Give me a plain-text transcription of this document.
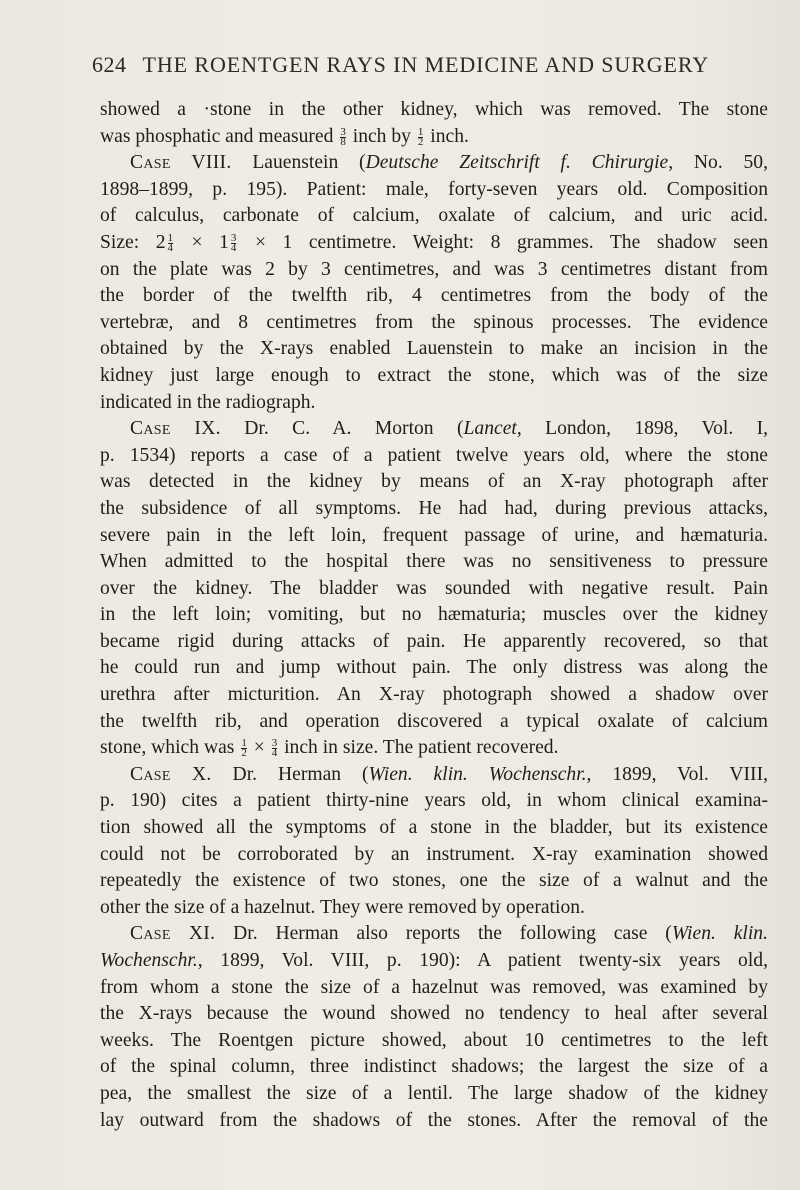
624 THE ROENTGEN RAYS IN MEDICINE AND SURGERY
showed a ·stone in the other kidney, which was removed. The stone
was phosphatic and measured $\frac{3}{8}$ inch by $\frac{1}{2}$ inch.
Case VIII. Lauenstein (Deutsche Zeitschrift f. Chirurgie, No. 50,
1898–1899, p. 195). Patient: male, forty-seven years old. Composition
of calculus, carbonate of calcium, oxalate of calcium, and uric acid.
Size: $2 \frac{1}{4} \times 1 \frac{3}{4} \times 1$ centimetre. Weight: 8 grammes. The shadow seen
on the plate was 2 by 3 centimetres, and was 3 centimetres distant from
the border of the twelfth rib, 4 centimetres from the body of the
vertebræ, and 8 centimetres from the spinous processes. The evidence
obtained by the X-rays enabled Lauenstein to make an incision in the
kidney just large enough to extract the stone, which was of the size
indicated in the radiograph.
Case IX. Dr. C. A. Morton (Lancet, London, 1898, Vol. I,
p. 1534) reports a case of a patient twelve years old, where the stone
was detected in the kidney by means of an X-ray photograph after
the subsidence of all symptoms. He had had, during previous attacks,
severe pain in the left loin, frequent passage of urine, and hæmaturia.
When admitted to the hospital there was no sensitiveness to pressure
over the kidney. The bladder was sounded with negative result. Pain
in the left loin; vomiting, but no hæmaturia; muscles over the kidney
became rigid during attacks of pain. He apparently recovered, so that
he could run and jump without pain. The only distress was along the
urethra after micturition. An X-ray photograph showed a shadow over
the twelfth rib, and operation discovered a typical oxalate of calcium
stone, which was $\frac{1}{2} \times \frac{3}{4}$ inch in size. The patient recovered.
Case X. Dr. Herman (Wien. klin. Wochenschr., 1899, Vol. VIII,
p. 190) cites a patient thirty-nine years old, in whom clinical examina-
tion showed all the symptoms of a stone in the bladder, but its existence
could not be corroborated by an instrument. X-ray examination showed
repeatedly the existence of two stones, one the size of a walnut and the
other the size of a hazelnut. They were removed by operation.
Case XI. Dr. Herman also reports the following case (Wien. klin.
Wochenschr., 1899, Vol. VIII, p. 190): A patient twenty-six years old,
from whom a stone the size of a hazelnut was removed, was examined by
the X-rays because the wound showed no tendency to heal after several
weeks. The Roentgen picture showed, about 10 centimetres to the left
of the spinal column, three indistinct shadows; the largest the size of a
pea, the smallest the size of a lentil. The large shadow of the kidney
lay outward from the shadows of the stones. After the removal of the
